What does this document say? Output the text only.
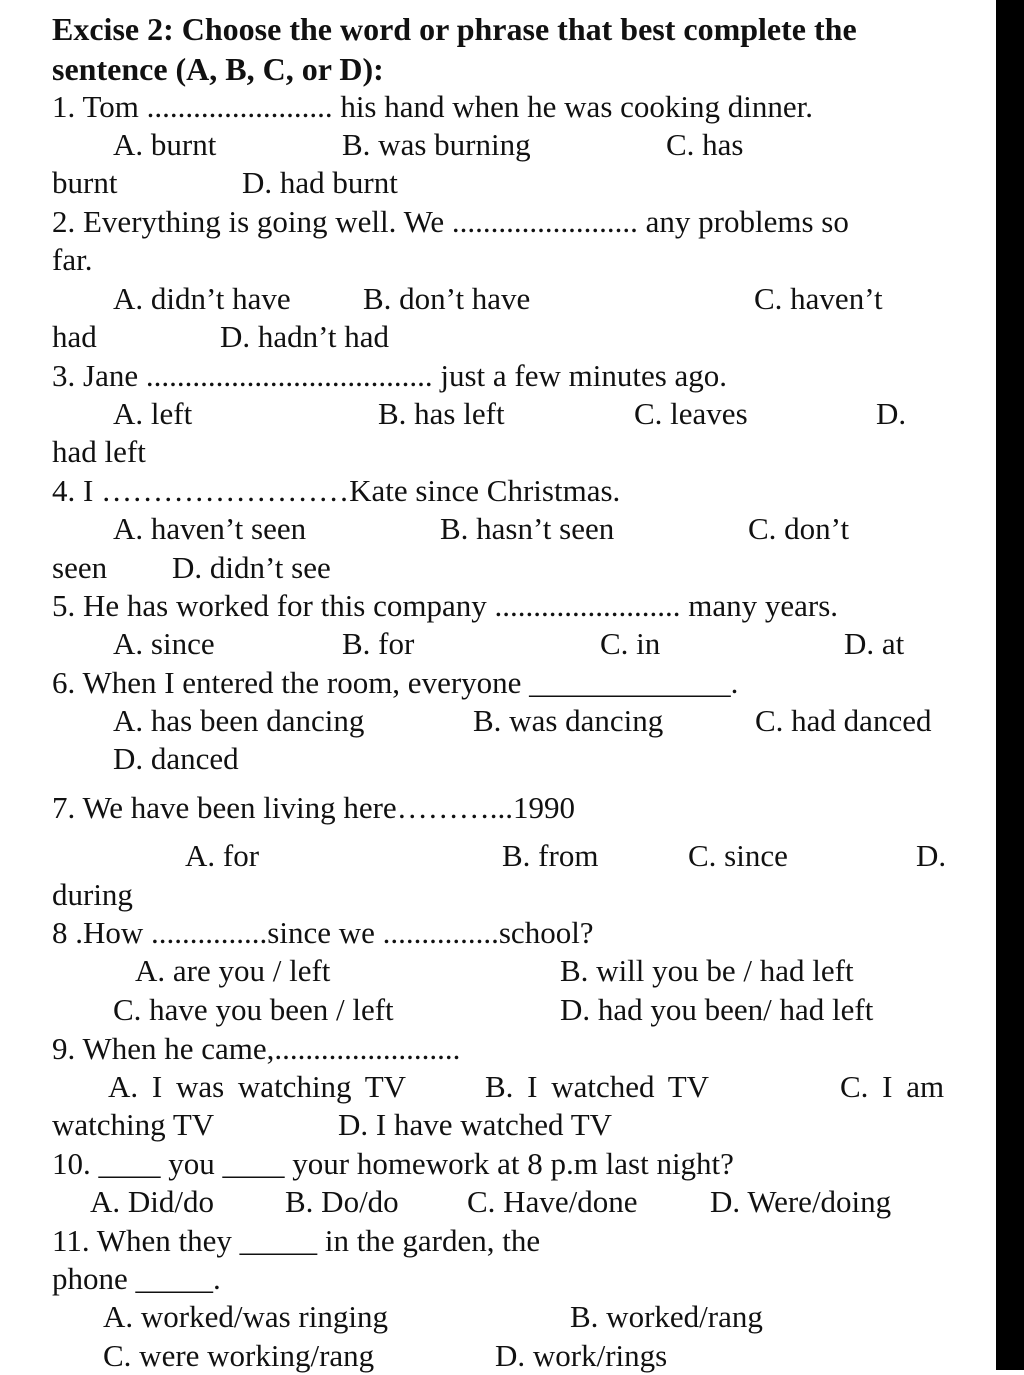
Excise 2: Choose the word or phrase that best complete the
sentence (A, B, C, or D):
1. Tom ........................ his hand when he was cooking dinner.
A. burnt	B. was burning	C. has
burnt	D. had burnt
2. Everything is going well. We ........................ any problems so
far.
A. didn’t have B. don’t have	C. haven’t
had	D. hadn’t had
3. Jane ..................................... just a few minutes ago.
A. left	B. has left	C. leaves	D.
had left
4. I ……………………Kate since Christmas.
A. haven’t seen	B. hasn’t seen	C. don’t
seen D. didn’t see
5. He has worked for this company ........................ many years.
A. since	B. for	C. in	D. at
6. When I entered the room, everyone _____________.
A. has been dancing	B. was dancing	C. had danced
D. danced
7. We have been living here………...1990
A. for	B. from	C. since	D.
during
8 .How ...............since we ...............school?
A. are you / left	B. will you be / had left
C. have you been / left	D. had you been/ had left
9. When he came,........................
A. I was watching TV	B. I watched TV	C. I am
watching TV	D. I have watched TV
10. ____ you ____ your homework at 8 p.m last night?
A. Did/do B. Do/do C. Have/done D. Were/doing
11. When they _____ in the garden, the
phone _____.
A. worked/was ringing	B. worked/rang
C. were working/rang	D. work/rings
